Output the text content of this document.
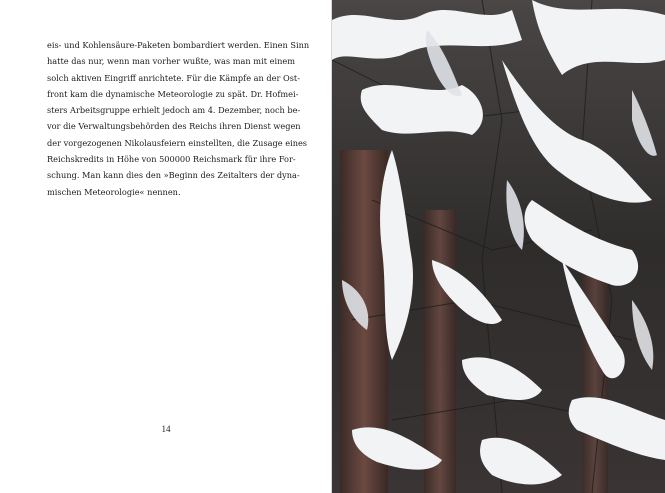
eis- und Kohlensäure-Paketen bombardiert werden. Einen Sinn
hatte das nur, wenn man vorher wußte, was man mit einem
solch aktiven Eingriff anrichtete. Für die Kämpfe an der Ost-
front kam die dynamische Meteorologie zu spät. Dr. Hofmei-
sters Arbeitsgruppe erhielt jedoch am 4. Dezember, noch be-
vor die Verwaltungsbehörden des Reichs ihren Dienst wegen
der vorgezogenen Nikolausfeiern einstellten, die Zusage eines
Reichskredits in Höhe von 500000 Reichsmark für ihre For-
schung. Man kann dies den »Beginn des Zeitalters der dyna-
mischen Meteorologie« nennen.
14
